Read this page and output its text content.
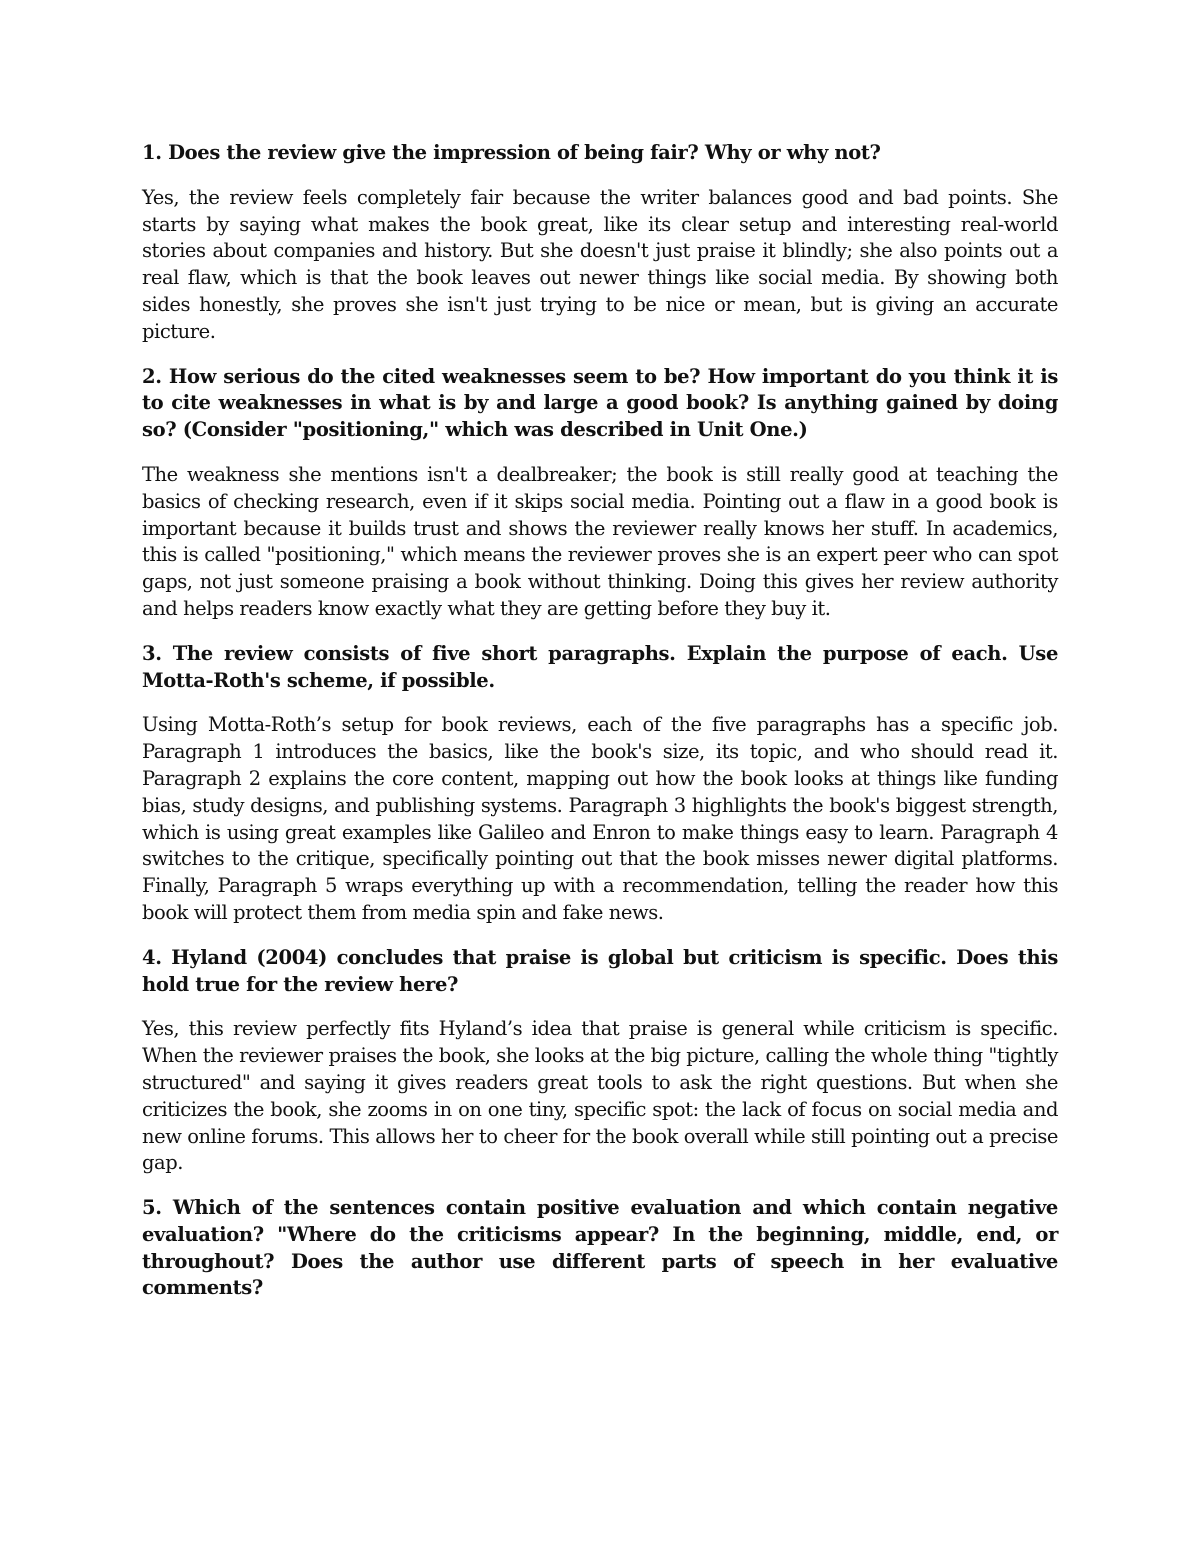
1. Does the review give the impression of being fair? Why or why not?

Yes, the review feels completely fair because the writer balances good and bad points. She starts by saying what makes the book great, like its clear setup and interesting real-world stories about companies and history. But she doesn't just praise it blindly; she also points out a real flaw, which is that the book leaves out newer things like social media. By showing both sides honestly, she proves she isn't just trying to be nice or mean, but is giving an accurate picture.

2. How serious do the cited weaknesses seem to be? How important do you think it is to cite weaknesses in what is by and large a good book? Is anything gained by doing so? (Consider "positioning," which was described in Unit One.)

The weakness she mentions isn't a dealbreaker; the book is still really good at teaching the basics of checking research, even if it skips social media. Pointing out a flaw in a good book is important because it builds trust and shows the reviewer really knows her stuff. In academics, this is called "positioning," which means the reviewer proves she is an expert peer who can spot gaps, not just someone praising a book without thinking. Doing this gives her review authority and helps readers know exactly what they are getting before they buy it.

3. The review consists of five short paragraphs. Explain the purpose of each. Use Motta-Roth's scheme, if possible.

Using Motta-Roth’s setup for book reviews, each of the five paragraphs has a specific job. Paragraph 1 introduces the basics, like the book's size, its topic, and who should read it. Paragraph 2 explains the core content, mapping out how the book looks at things like funding bias, study designs, and publishing systems. Paragraph 3 highlights the book's biggest strength, which is using great examples like Galileo and Enron to make things easy to learn. Paragraph 4 switches to the critique, specifically pointing out that the book misses newer digital platforms. Finally, Paragraph 5 wraps everything up with a recommendation, telling the reader how this book will protect them from media spin and fake news.

4. Hyland (2004) concludes that praise is global but criticism is specific. Does this hold true for the review here?

Yes, this review perfectly fits Hyland’s idea that praise is general while criticism is specific. When the reviewer praises the book, she looks at the big picture, calling the whole thing "tightly structured" and saying it gives readers great tools to ask the right questions. But when she criticizes the book, she zooms in on one tiny, specific spot: the lack of focus on social media and new online forums. This allows her to cheer for the book overall while still pointing out a precise gap.

5. Which of the sentences contain positive evaluation and which contain negative evaluation? "Where do the criticisms appear? In the beginning, middle, end, or throughout? Does the author use different parts of speech in her evaluative comments?
